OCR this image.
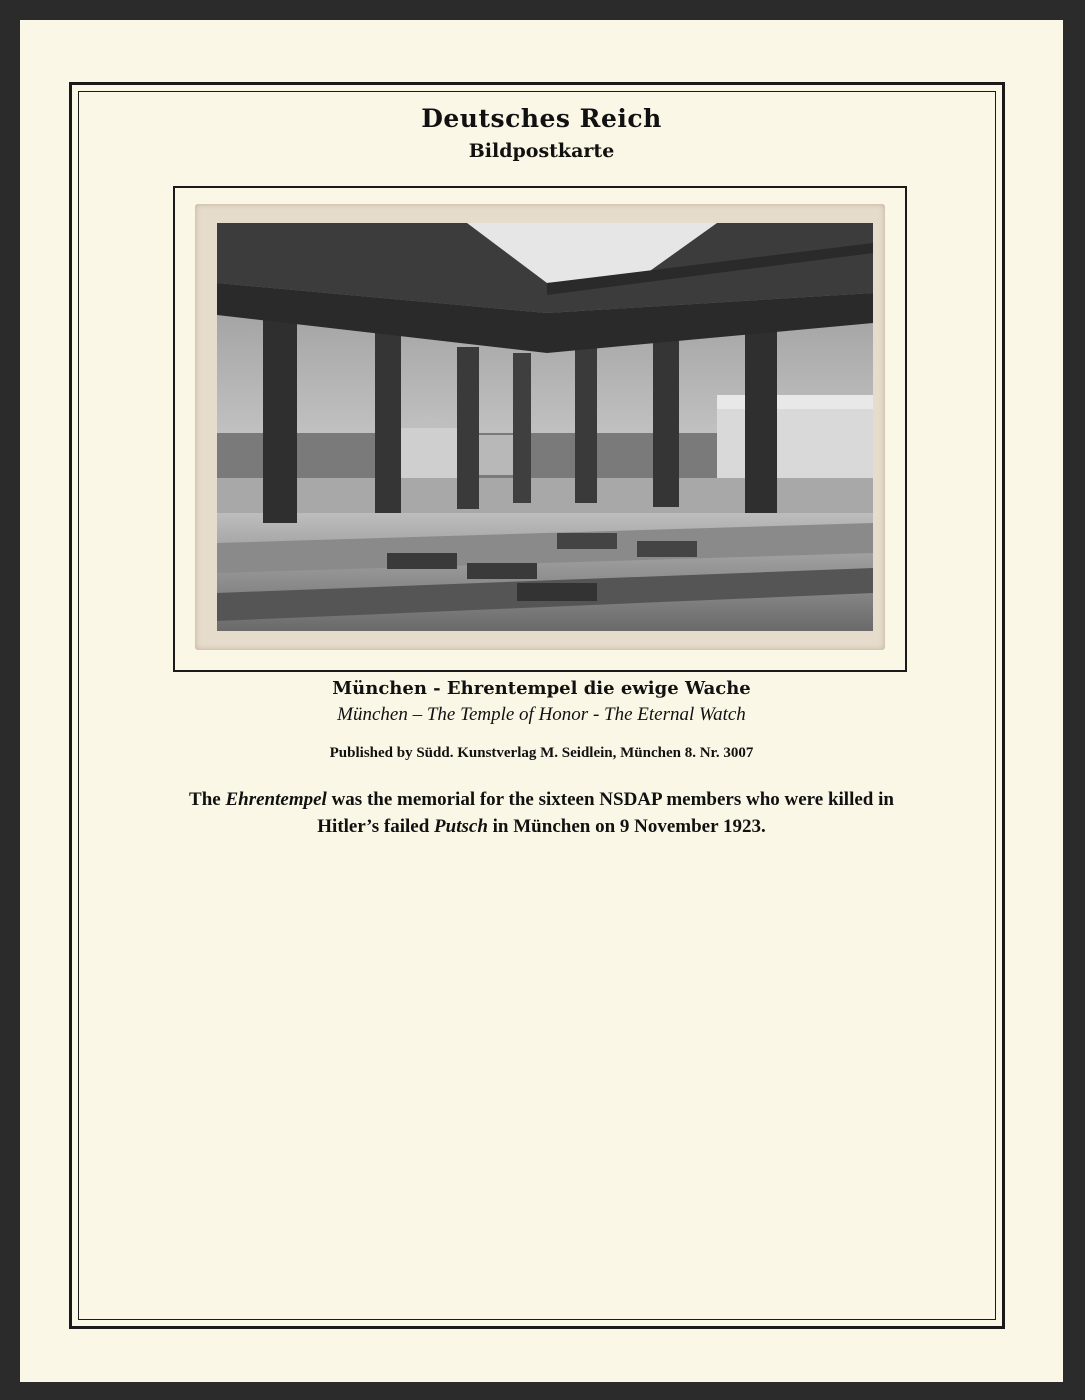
Deutsches Reich
Bildpostkarte
München - Ehrentempel die ewige Wache
München – The Temple of Honor - The Eternal Watch
Published by Südd. Kunstverlag M. Seidlein, München 8. Nr. 3007
The Ehrentempel was the memorial for the sixteen NSDAP members who were killed in Hitler’s failed Putsch in München on 9 November 1923.
